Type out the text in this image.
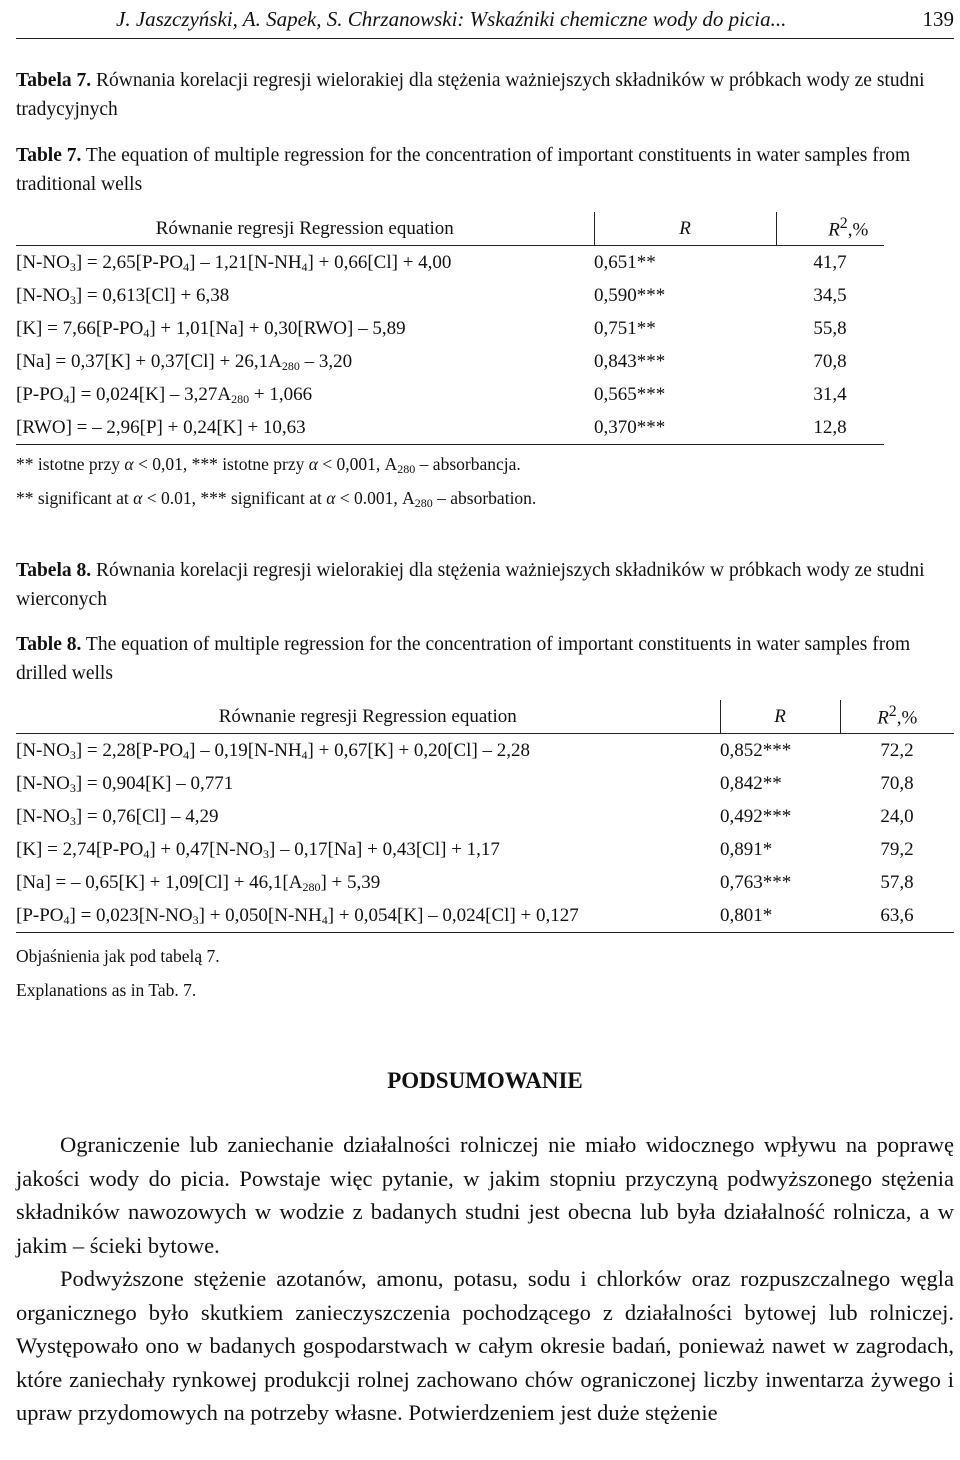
J. Jaszczyński, A. Sapek, S. Chrzanowski: Wskaźniki chemiczne wody do picia...	139

Tabela 7. Równania korelacji regresji wielorakiej dla stężenia ważniejszych składników w próbkach wody ze studni tradycyjnych

Table 7. The equation of multiple regression for the concentration of important constituents in water samples from traditional wells

Równanie regresji Regression equation	R	$R^2,\%$
$[N-NO_3] = 2,65[P-PO_4] - 1,21[N-NH_4] + 0,66[Cl] + 4,00$	0,651**	41,7
$[N-NO_3] = 0,613[Cl] + 6,38$	0,590***	34,5
$[K] = 7,66[P-PO_4] + 1,01[Na] + 0,30[RWO] - 5,89$	0,751**	55,8
$[Na] = 0,37[K] + 0,37[Cl] + 26,1A_{280} - 3,20$	0,843***	70,8
$[P-PO_4] = 0,024[K] - 3,27A_{280} + 1,066$	0,565***	31,4
[RWO] = – 2,96[P] + 0,24[K] + 10,63	0,370***	12,8

** istotne przy α < 0,01, *** istotne przy α < 0,001, $A_{280}$ – absorbancja.

** significant at α < 0.01, *** significant at α < 0.001, $A_{280}$ – absorbation.

Tabela 8. Równania korelacji regresji wielorakiej dla stężenia ważniejszych składników w próbkach wody ze studni wierconych

Table 8. The equation of multiple regression for the concentration of important constituents in water samples from drilled wells

Równanie regresji Regression equation	R	$R^2,\%$
$[N-NO_3] = 2,28[P-PO_4] - 0,19[N-NH_4] + 0,67[K] + 0,20[Cl] - 2,28$	0,852***	72,2
$[N-NO_3] = 0,904[K] - 0,771$	0,842**	70,8
$[N-NO_3] = 0,76[Cl] - 4,29$	0,492***	24,0
$[K] = 2,74[P-PO_4] + 0,47[N-NO_3] - 0,17[Na] + 0,43[Cl] + 1,17$	0,891*	79,2
[Na] = – $0,65[K] + 1,09[Cl] + 46,1[A_{280}] + 5,39$	0,763***	57,8
$[P-PO_4] = 0,023[N-NO_3] + 0,050[N-NH_4] + 0,054[K] - 0,024[Cl] + 0,127$	0,801*	63,6

Objaśnienia jak pod tabelą 7.

Explanations as in Tab. 7.

PODSUMOWANIE

Ograniczenie lub zaniechanie działalności rolniczej nie miało widocznego wpływu na poprawę jakości wody do picia. Powstaje więc pytanie, w jakim stopniu przyczyną podwyższonego stężenia składników nawozowych w wodzie z badanych studni jest obecna lub była działalność rolnicza, a w jakim – ścieki bytowe.

Podwyższone stężenie azotanów, amonu, potasu, sodu i chlorków oraz rozpuszczalnego węgla organicznego było skutkiem zanieczyszczenia pochodzącego z działalności bytowej lub rolniczej. Występowało ono w badanych gospodarstwach w całym okresie badań, ponieważ nawet w zagrodach, które zaniechały rynkowej produkcji rolnej zachowano chów ograniczonej liczby inwentarza żywego i upraw przydomowych na potrzeby własne. Potwierdzeniem jest duże stężenie
